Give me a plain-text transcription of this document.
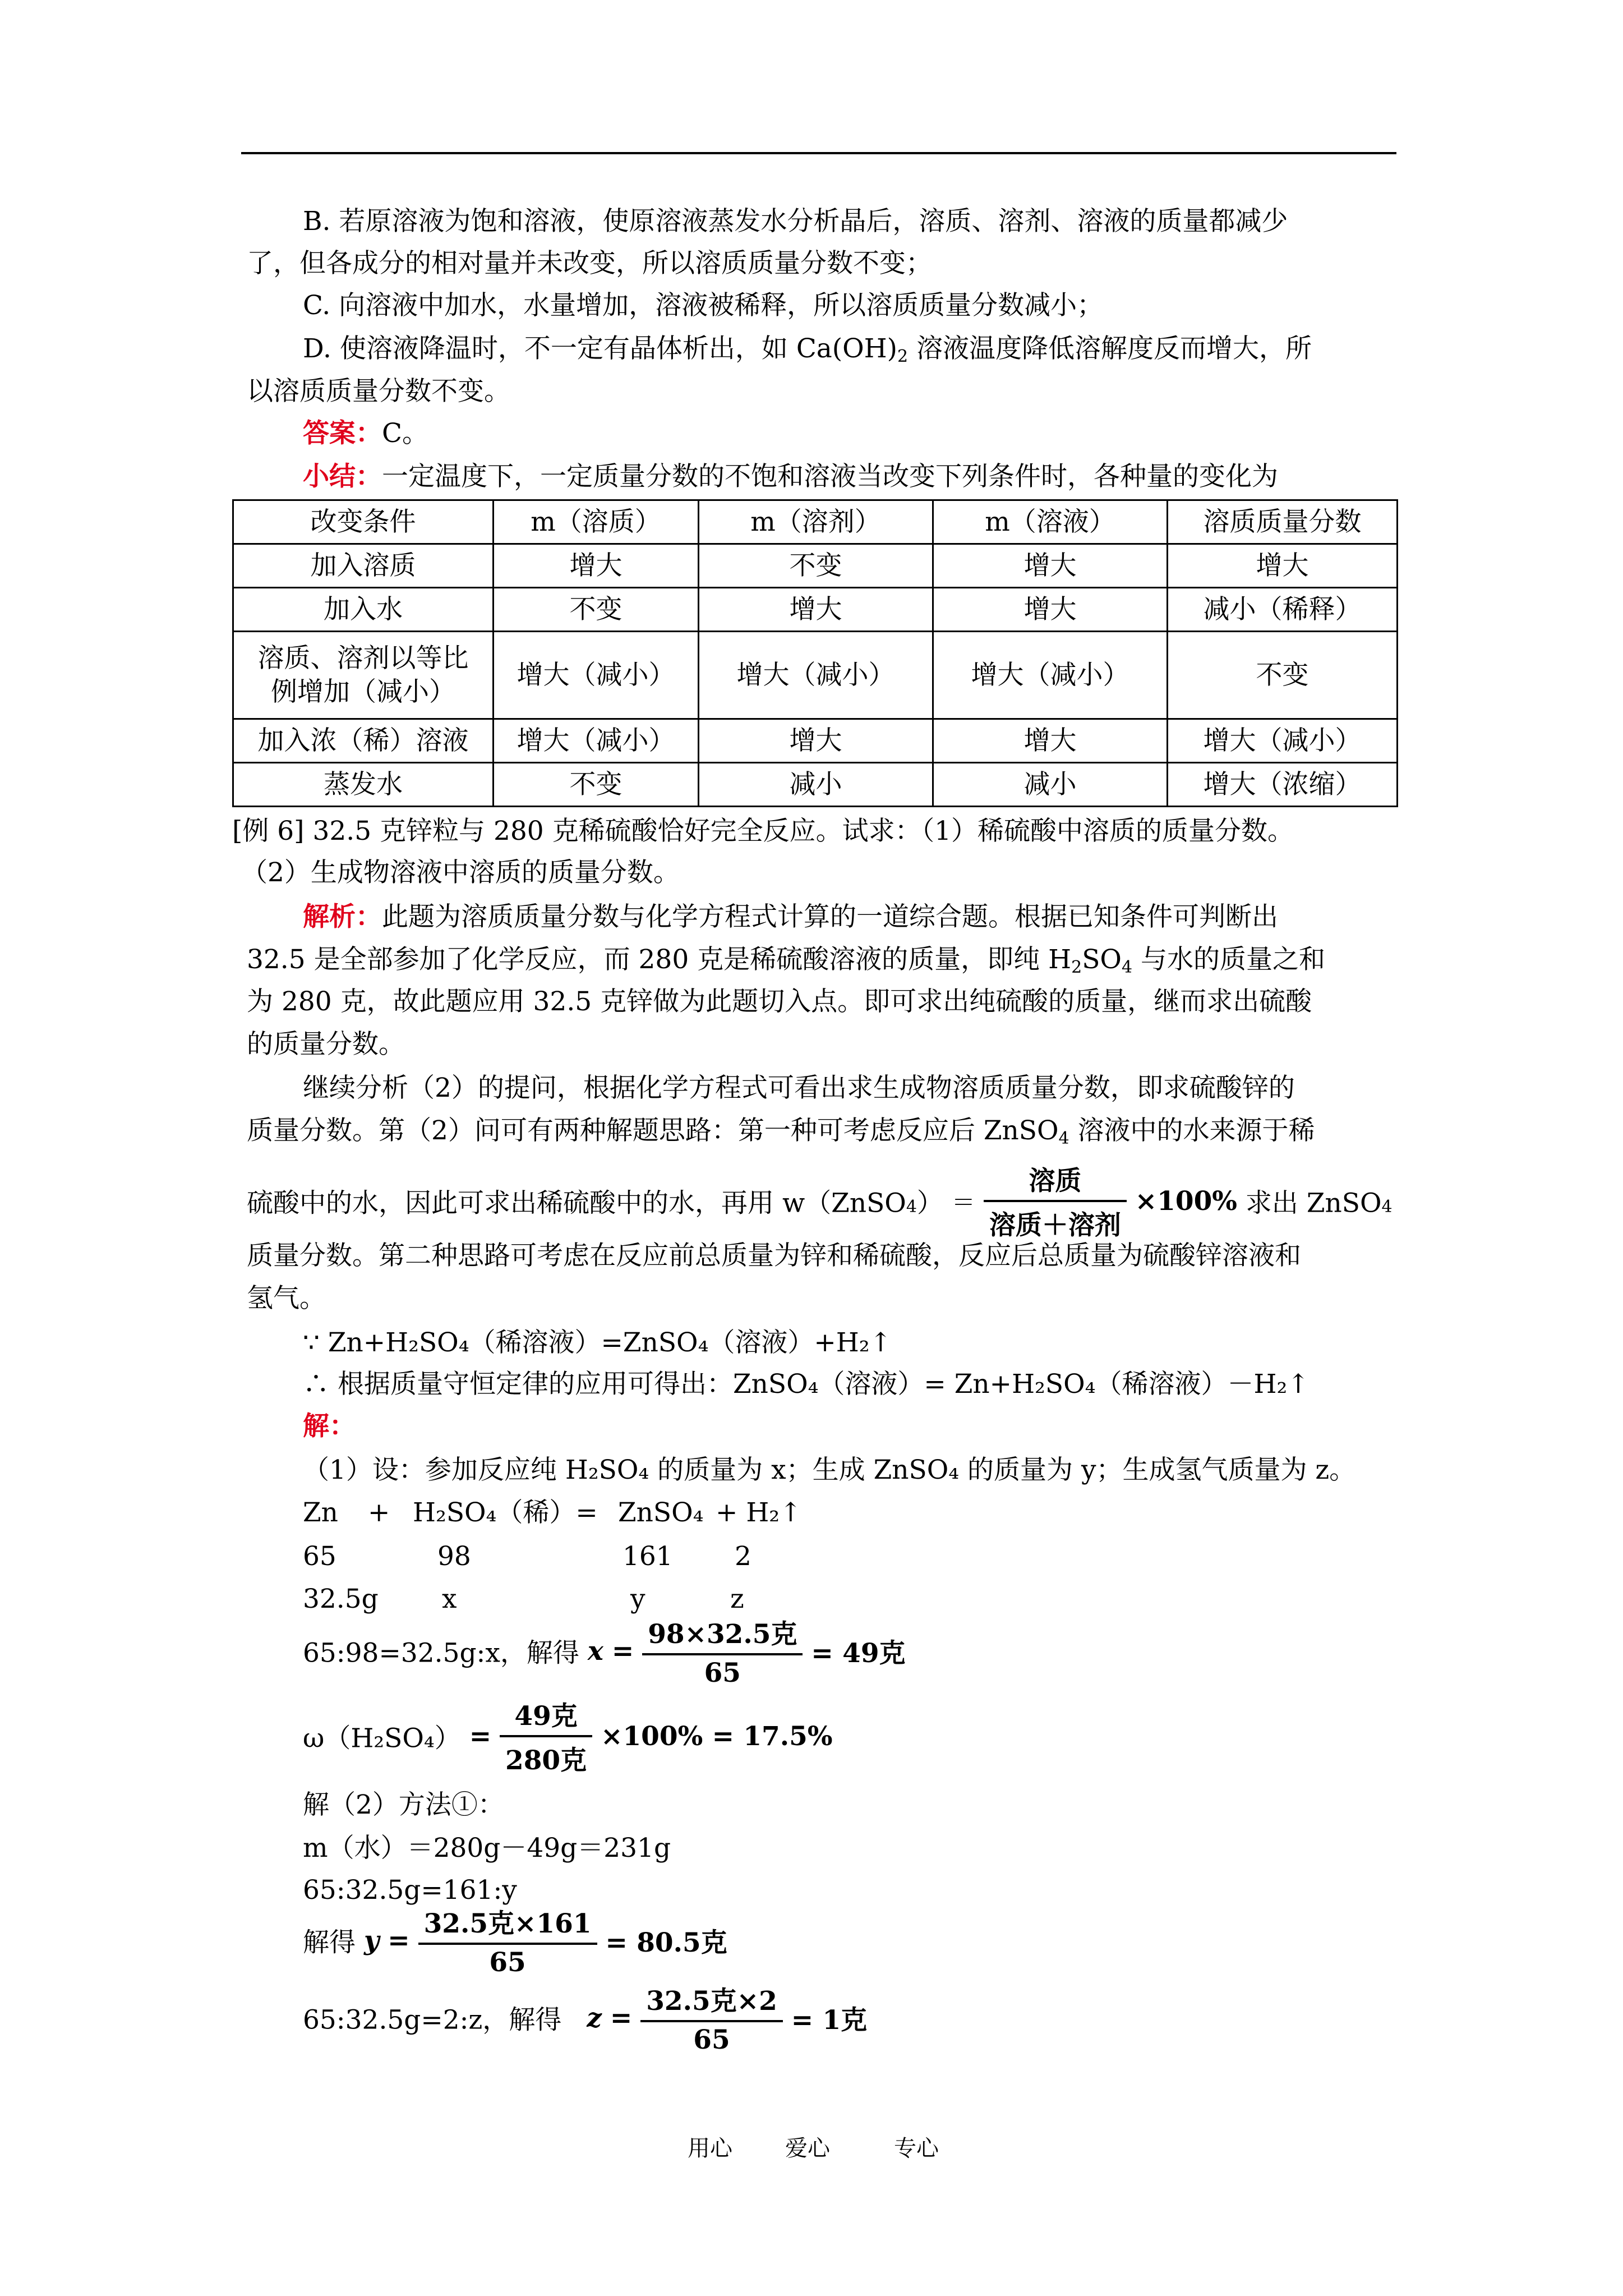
B. 若原溶液为饱和溶液，使原溶液蒸发水分析晶后，溶质、溶剂、溶液的质量都减少
了，但各成分的相对量并未改变，所以溶质质量分数不变；
C. 向溶液中加水，水量增加，溶液被稀释，所以溶质质量分数减小；
D. 使溶液降温时，不一定有晶体析出，如 $Ca(OH)_2$ 溶液温度降低溶解度反而增大，所
以溶质质量分数不变。
答案：C。
小结：一定温度下，一定质量分数的不饱和溶液当改变下列条件时，各种量的变化为
改变条件	m（溶质）	m（溶剂）	m（溶液）	溶质质量分数
加入溶质	增大	不变	增大	增大
加入水	不变	增大	增大	减小（稀释）

溶质、溶剂以等比
例增加（减小）	增大（减小）	增大（减小）	增大（减小）	不变
加入浓（稀）溶液	增大（减小）	增大	增大	增大（减小）
蒸发水	不变	减小	减小	增大（浓缩）
[例 6] 32.5 克锌粒与 280 克稀硫酸恰好完全反应。试求：（1）稀硫酸中溶质的质量分数。
（2）生成物溶液中溶质的质量分数。
解析：此题为溶质质量分数与化学方程式计算的一道综合题。根据已知条件可判断出
32.5 是全部参加了化学反应，而 280 克是稀硫酸溶液的质量，即纯 $H_2SO_4$ 与水的质量之和
为 280 克，故此题应用 32.5 克锌做为此题切入点。即可求出纯硫酸的质量，继而求出硫酸
的质量分数。
继续分析（2）的提问，根据化学方程式可看出求生成物溶质质量分数，即求硫酸锌的
质量分数。第（2）问可有两种解题思路：第一种可考虑反应后 ZnSO$_4$ 溶液中的水来源于稀
硫酸中的水，因此可求出稀硫酸中的水，再用 w（ZnSO$_4$） ＝ $\frac{\text{溶质}}{\text{溶质＋溶剂}} \times 100\%$ 求出 ZnSO$_4$
质量分数。第二种思路可考虑在反应前总质量为锌和稀硫酸，反应后总质量为硫酸锌溶液和
氢气。
∵ Zn+H₂SO₄（稀溶液）=ZnSO₄（溶液）+H₂↑
∴ 根据质量守恒定律的应用可得出：ZnSO₄（溶液）= Zn+H₂SO₄（稀溶液）－H₂↑
解：
（1）设：参加反应纯 H₂SO₄ 的质量为 x；生成 ZnSO₄ 的质量为 y；生成氢气质量为 z。
Zn + H₂SO₄（稀）= ZnSO₄ + H₂↑
65	98	161 2
32.5g x	y	z
65:98=32.5g:x，解得 $x = \frac{\text{98×32.5克}}{65} = 49$克
$\omega(H_2SO_4) = \frac{\text{49克}}{\text{280克}} \times 100\% = 17.5\%$
解（2）方法①：
m（水）＝280g－49g＝231g
65:32.5g=161:y
解得 $y = \frac{\text{32.5克×161}}{65} = 80.5$克
65:32.5g=2:z，解得 $z = \frac{\text{32.5克×2}}{65} = 1$克
用心 爱心	专心
